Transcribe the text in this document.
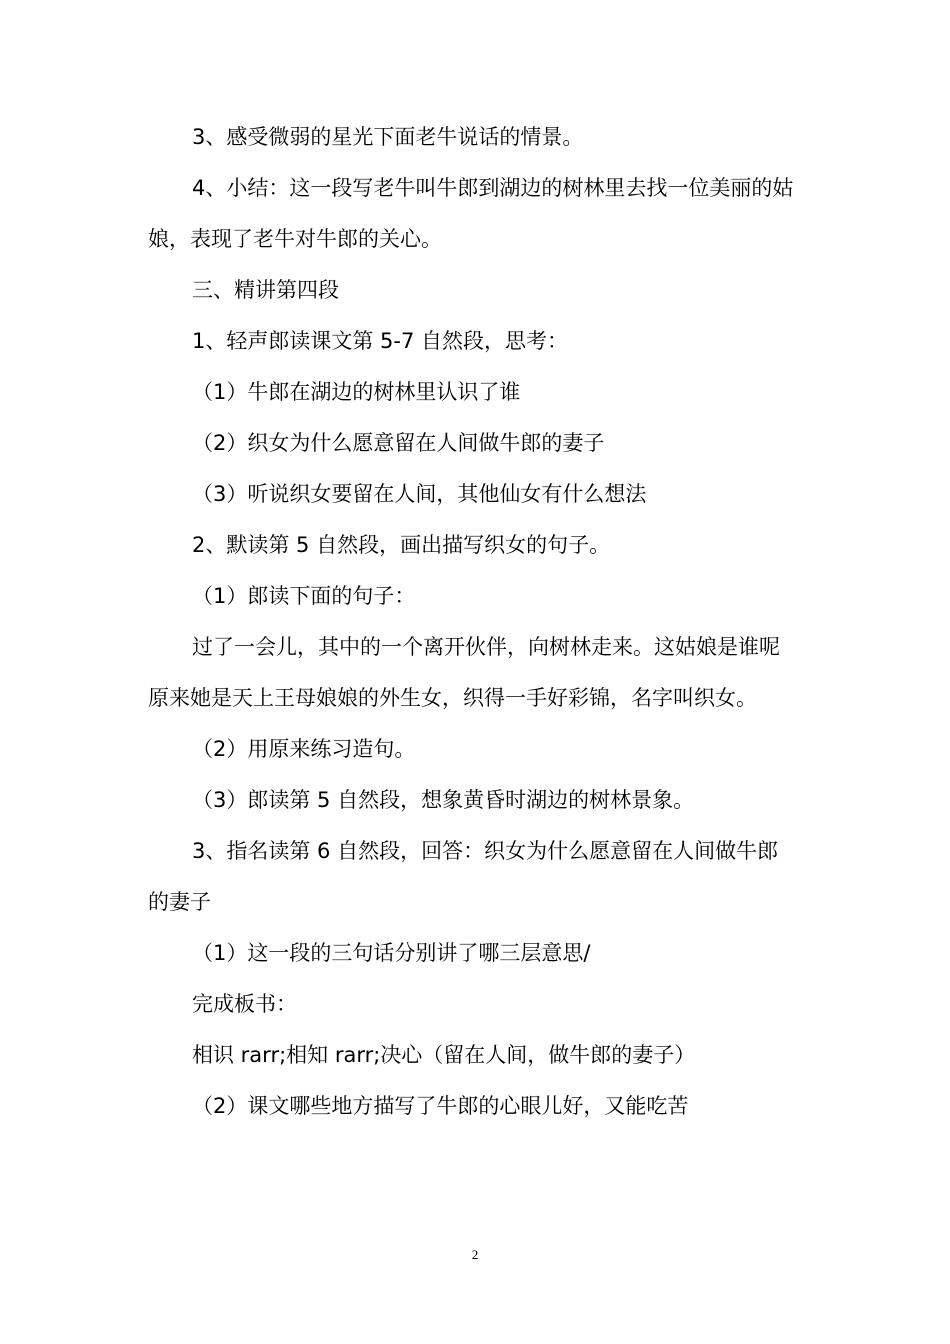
3、感受微弱的星光下面老牛说话的情景。

4、小结：这一段写老牛叫牛郎到湖边的树林里去找一位美丽的姑娘，表现了老牛对牛郎的关心。

三、精讲第四段

1、轻声郎读课文第 5-7 自然段，思考：

（1）牛郎在湖边的树林里认识了谁

（2）织女为什么愿意留在人间做牛郎的妻子

（3）听说织女要留在人间，其他仙女有什么想法

2、默读第 5 自然段，画出描写织女的句子。

（1）郎读下面的句子：

过了一会儿，其中的一个离开伙伴，向树林走来。这姑娘是谁呢原来她是天上王母娘娘的外生女，织得一手好彩锦，名字叫织女。

（2）用原来练习造句。

（3）郎读第 5 自然段，想象黄昏时湖边的树林景象。

3、指名读第 6 自然段，回答：织女为什么愿意留在人间做牛郎的妻子

（1）这一段的三句话分别讲了哪三层意思/

完成板书：

相识 rarr;相知 rarr;决心（留在人间，做牛郎的妻子）

（2）课文哪些地方描写了牛郎的心眼儿好，又能吃苦

2
